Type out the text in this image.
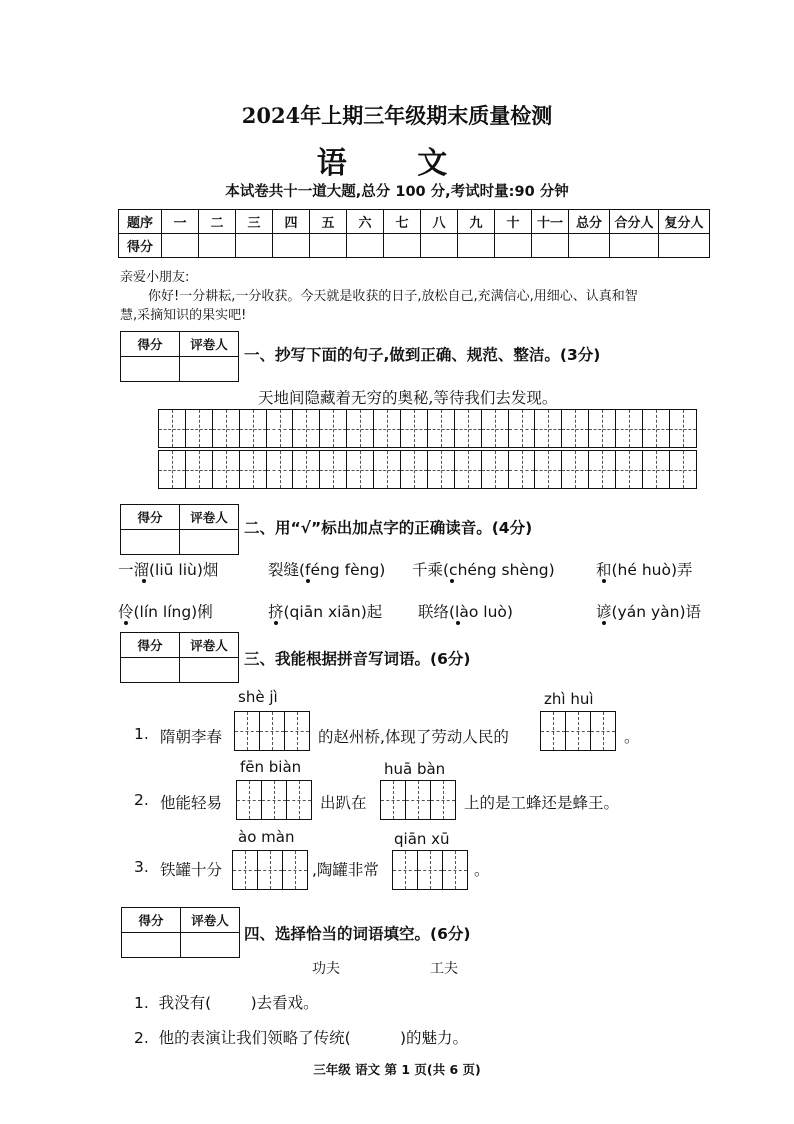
2024年上期三年级期末质量检测
语 文
本试卷共十一道大题,总分 100 分,考试时量:90 分钟
题序	一	二	三	四	五	六	七	八	九	十	十一	总分	合分人	复分人
得分														
亲爱小朋友:
你好!一分耕耘,一分收获。今天就是收获的日子,放松自己,充满信心,用细心、认真和智
慧,采摘知识的果实吧!
得分	评卷人

一、抄写下面的句子,做到正确、规范、整洁。(3分)
天地间隐藏着无穷的奥秘,等待我们去发现。
得分	评卷人

二、用“√”标出加点字的正确读音。(4分)
一溜(liū liù)烟	裂缝(féng fèng) 千乘(chéng shèng)	和(hé huò)弄
伶(lín líng)俐	挤(qiān xiān)起 联络(lào luò)	谚(yán yàn)语
得分	评卷人

三、我能根据拼音写词语。(6分)
shè jì	zhì huì
1. 隋朝李春	的赵州桥,体现了劳动人民的	。
fēn biàn	huā bàn
2. 他能轻易	出趴在	上的是工蜂还是蜂王。
ào màn	qiān xū
3. 铁罐十分	,陶罐非常	。
得分	评卷人

四、选择恰当的词语填空。(6分)
功夫	工夫
1.  我没有(        )去看戏。
2.  他的表演让我们领略了传统(          )的魅力。
三年级 语文 第 1 页(共 6 页)
